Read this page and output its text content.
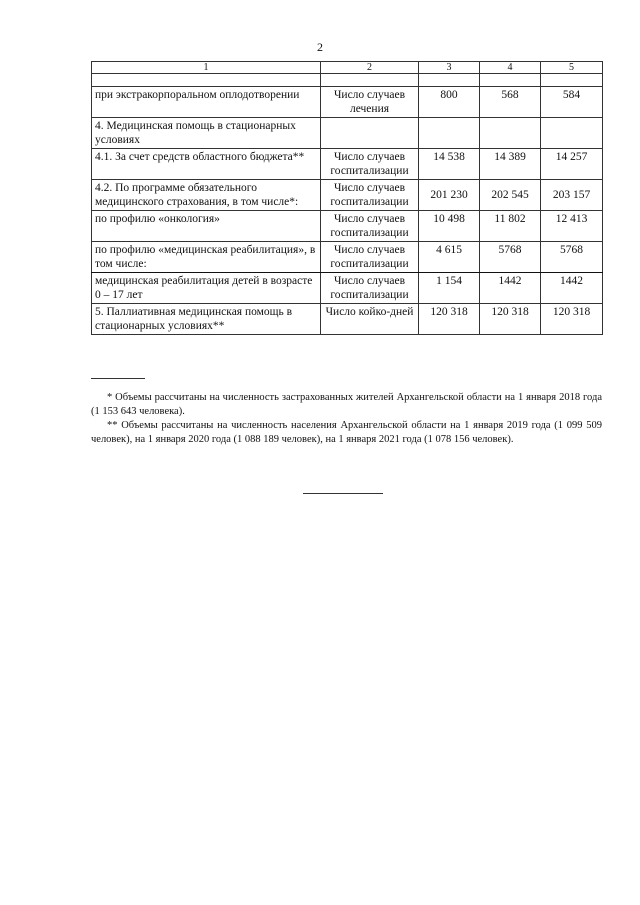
2
1	2	3	4	5

при экстракорпоральном оплодотворении	Число случаев лечения	800	568	584
4. Медицинская помощь в стационарных условиях				
4.1. За счет средств областного бюджета**	Число случаев госпитализации	14 538	14 389	14 257
4.2. По программе обязательного медицинского страхования, в том числе*:	Число случаев госпитализации	201 230	202 545	203 157
по профилю «онкология»	Число случаев госпитализации	10 498	11 802	12 413
по профилю «медицинская реабилитация», в том числе:	Число случаев госпитализации	4 615	5768	5768
медицинская реабилитация детей в возрасте 0 – 17 лет	Число случаев госпитализации	1 154	1442	1442
5. Паллиативная медицинская помощь в стационарных условиях**	Число койко-дней	120 318	120 318	120 318

* Объемы рассчитаны на численность застрахованных жителей Архангельской области на 1 января 2018 года (1 153 643 человека).

** Объемы рассчитаны на численность населения Архангельской области на 1 января 2019 года (1 099 509 человек), на 1 января 2020 года (1 088 189 человек), на 1 января 2021 года (1 078 156 человек).
